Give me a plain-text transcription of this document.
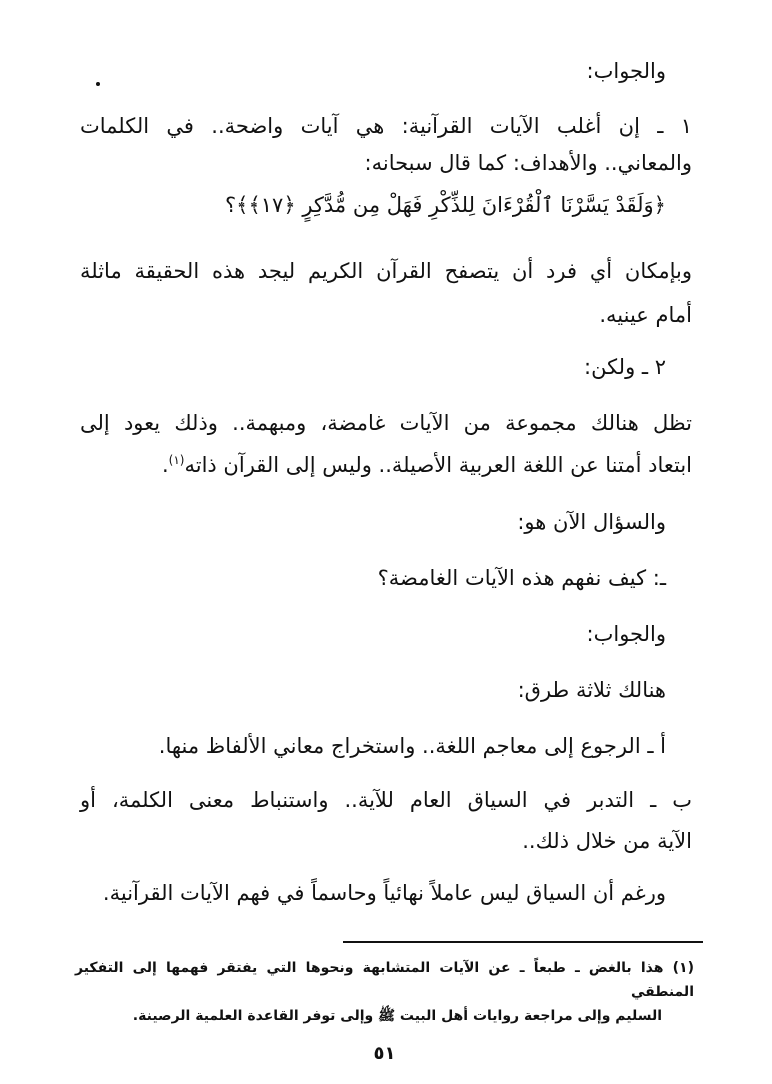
والجواب:
١ ـ إن أغلب الآيات القرآنية: هي آيات واضحة.. في الكلمات
والمعاني.. والأهداف: كما قال سبحانه:
﴿وَلَقَدْ يَسَّرْنَا ٱلْقُرْءَانَ لِلذِّكْرِ فَهَلْ مِن مُّدَّكِرٍ ﴿١٧﴾﴾؟
وبإمكان أي فرد أن يتصفح القرآن الكريم ليجد هذه الحقيقة ماثلة
أمام عينيه.
٢ ـ ولكن:
تظل هنالك مجموعة من الآيات غامضة، ومبهمة.. وذلك يعود إلى
ابتعاد أمتنا عن اللغة العربية الأصيلة.. وليس إلى القرآن ذاته$^{(١)}$.
والسؤال الآن هو:
ـ: كيف نفهم هذه الآيات الغامضة؟
والجواب:
هنالك ثلاثة طرق:
أ ـ الرجوع إلى معاجم اللغة.. واستخراج معاني الألفاظ منها.
ب ـ التدبر في السياق العام للآية.. واستنباط معنى الكلمة، أو
الآية من خلال ذلك..
ورغم أن السياق ليس عاملاً نهائياً وحاسماً في فهم الآيات القرآنية.
(١) هذا بالغض ـ طبعاً ـ عن الآيات المتشابهة ونحوها التي يفتقر فهمها إلى التفكير المنطقي
السليم وإلى مراجعة روايات أهل البيت ﷺ وإلى توفر القاعدة العلمية الرصينة.
٥١
